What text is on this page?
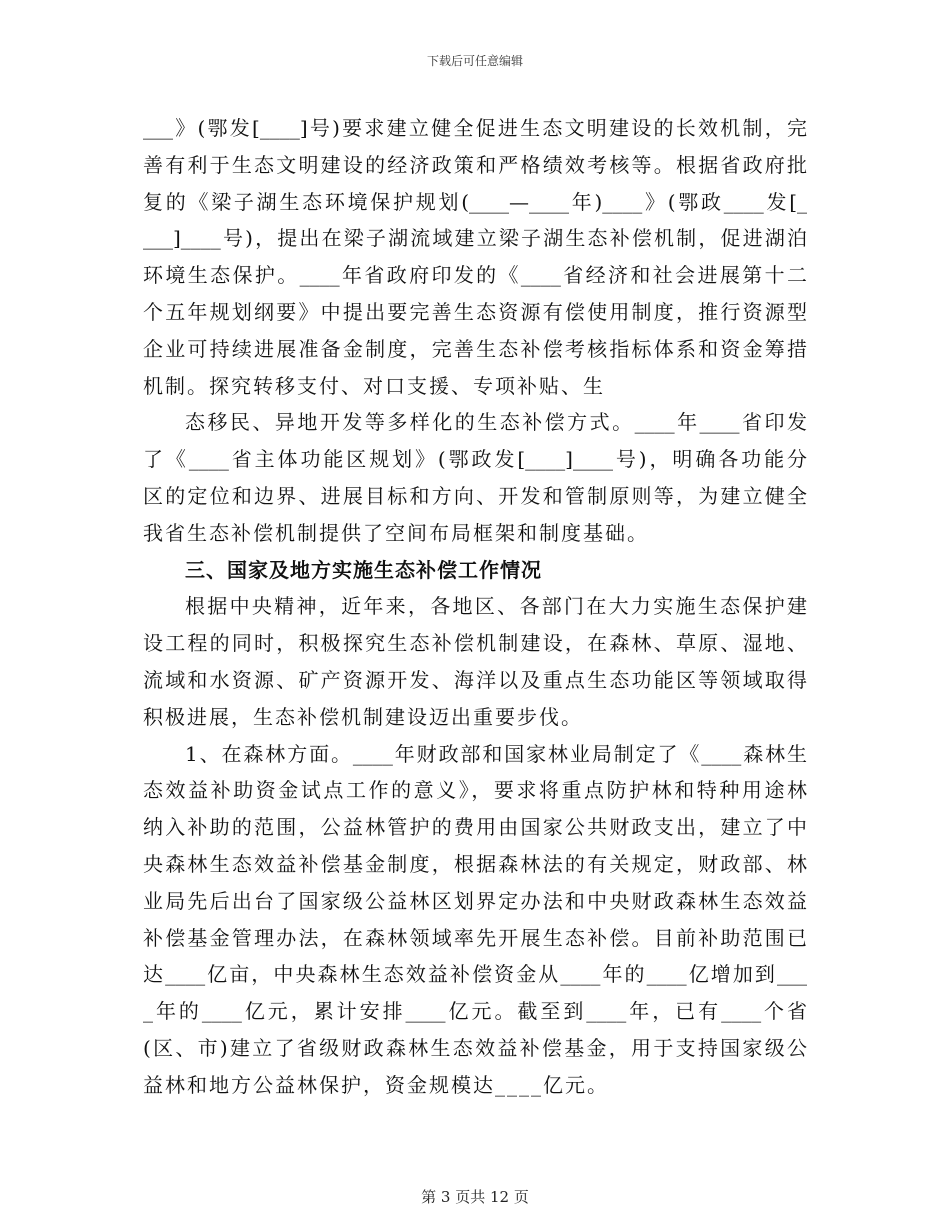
下载后可任意编辑
___》(鄂发[____]号)要求建立健全促进生态文明建设的长效机制，完
善有利于生态文明建设的经济政策和严格绩效考核等。根据省政府批
复的《梁子湖生态环境保护规划(____—____年)____》(鄂政____发[_
___]____号)，提出在梁子湖流域建立梁子湖生态补偿机制，促进湖泊
环境生态保护。____年省政府印发的《____省经济和社会进展第十二
个五年规划纲要》中提出要完善生态资源有偿使用制度，推行资源型
企业可持续进展准备金制度，完善生态补偿考核指标体系和资金筹措
机制。探究转移支付、对口支援、专项补贴、生
态移民、异地开发等多样化的生态补偿方式。____年____省印发
了《____省主体功能区规划》(鄂政发[____]____号)，明确各功能分
区的定位和边界、进展目标和方向、开发和管制原则等，为建立健全
我省生态补偿机制提供了空间布局框架和制度基础。
三、国家及地方实施生态补偿工作情况
根据中央精神，近年来，各地区、各部门在大力实施生态保护建
设工程的同时，积极探究生态补偿机制建设，在森林、草原、湿地、
流域和水资源、矿产资源开发、海洋以及重点生态功能区等领域取得
积极进展，生态补偿机制建设迈出重要步伐。
1、在森林方面。____年财政部和国家林业局制定了《____森林生
态效益补助资金试点工作的意义》，要求将重点防护林和特种用途林
纳入补助的范围，公益林管护的费用由国家公共财政支出，建立了中
央森林生态效益补偿基金制度，根据森林法的有关规定，财政部、林
业局先后出台了国家级公益林区划界定办法和中央财政森林生态效益
补偿基金管理办法，在森林领域率先开展生态补偿。目前补助范围已
达____亿亩，中央森林生态效益补偿资金从____年的____亿增加到___
_年的____亿元，累计安排____亿元。截至到____年，已有____个省
(区、市)建立了省级财政森林生态效益补偿基金，用于支持国家级公
益林和地方公益林保护，资金规模达____亿元。
第 3 页共 12 页
